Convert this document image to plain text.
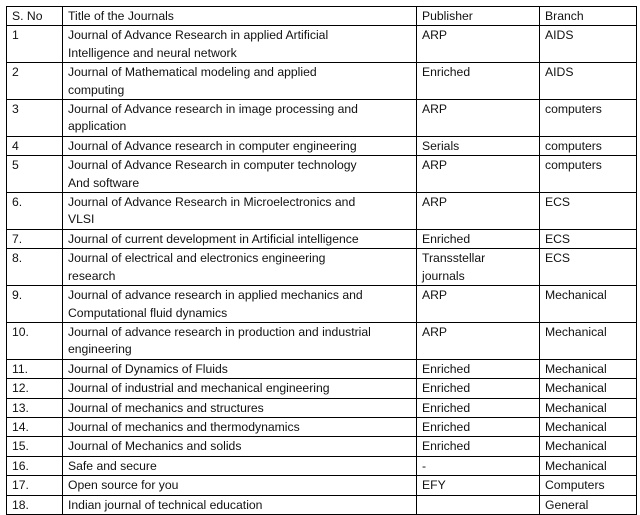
S. No	Title of the Journals	Publisher	Branch
1	Journal of Advance Research in applied Artificial
Intelligence and neural network	ARP	AIDS
2	Journal of Mathematical modeling and applied
computing	Enriched	AIDS
3	Journal of Advance research in image processing and
application	ARP	computers
4	Journal of Advance research in computer engineering	Serials	computers
5	Journal of Advance Research in computer technology
And software	ARP	computers
6.	Journal of Advance Research in Microelectronics and
VLSI	ARP	ECS
7.	Journal of current development in Artificial intelligence	Enriched	ECS
8.	Journal of electrical and electronics engineering
research	Transstellar
journals	ECS
9.	Journal of advance research in applied mechanics and
Computational fluid dynamics	ARP	Mechanical
10.	Journal of advance research in production and industrial
engineering	ARP	Mechanical
11.	Journal of Dynamics of Fluids	Enriched	Mechanical
12.	Journal of industrial and mechanical engineering	Enriched	Mechanical
13.	Journal of mechanics and structures	Enriched	Mechanical
14.	Journal of mechanics and thermodynamics	Enriched	Mechanical
15.	Journal of Mechanics and solids	Enriched	Mechanical
16.	Safe and secure	-	Mechanical
17.	Open source for you	EFY	Computers
18.	Indian journal of technical education		General
